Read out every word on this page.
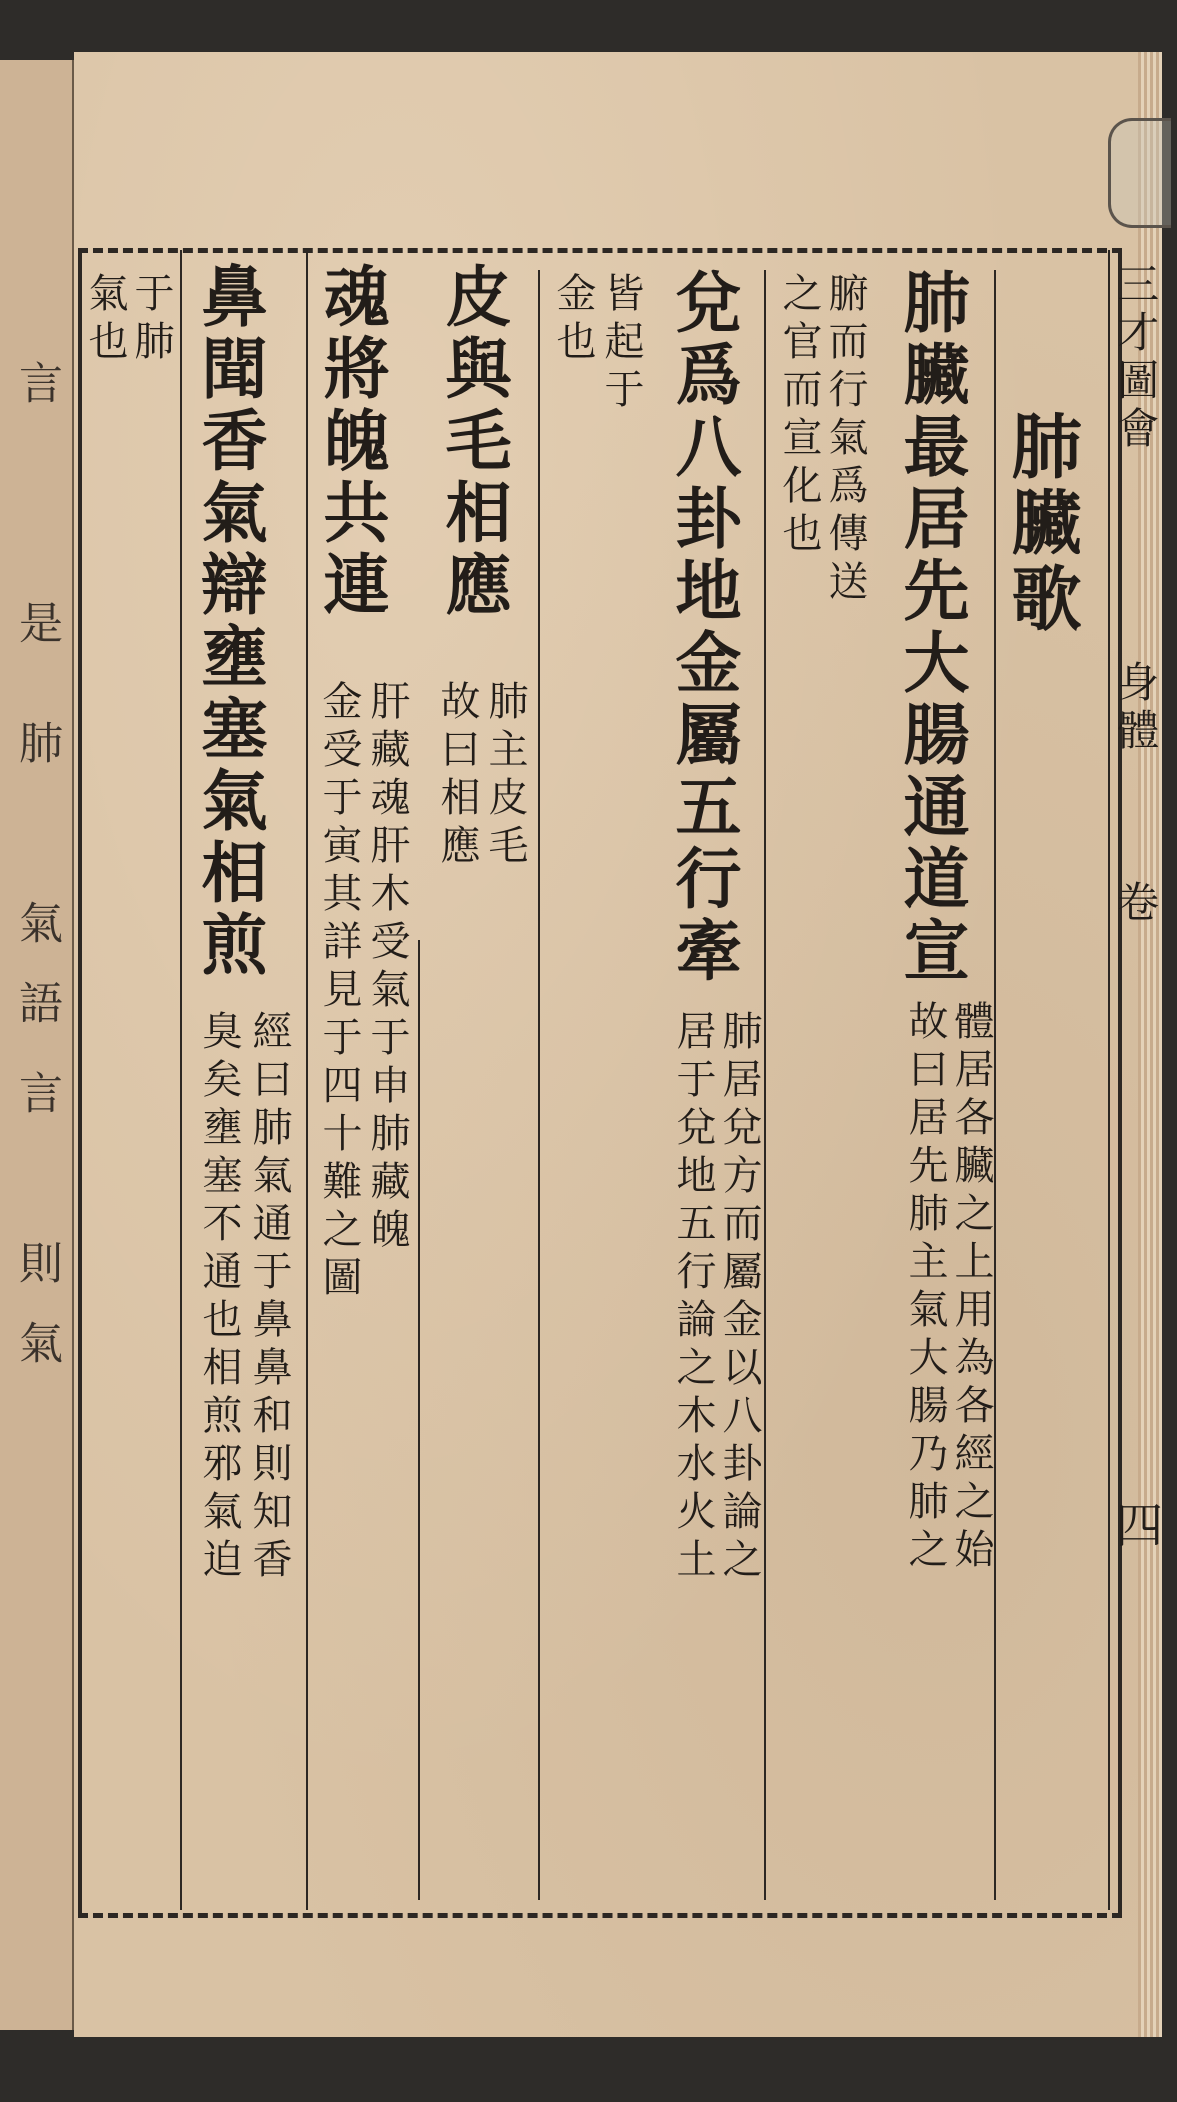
言
是
肺
氣
語
言
則
氣
三才圖會
身體
卷
四
肺臟歌
肺臟最居先大腸通道宣
體居各臟之上用為各經之始
故曰居先肺主氣大腸乃肺之
腑而行氣爲傳送
之官而宣化也
兌爲八卦地金屬五行牽
肺居兌方而屬金以八卦論之
居于兌地五行論之木水火土
皆起于
金也
皮與毛相應
肺主皮毛
故曰相應
魂將魄共連
肝藏魂肝木受氣于申肺藏魄
金受于寅其詳見于四十難之圖
鼻聞香氣辯壅塞氣相煎
經曰肺氣通于鼻鼻和則知香
臭矣壅塞不通也相煎邪氣迫
于肺
氣也
